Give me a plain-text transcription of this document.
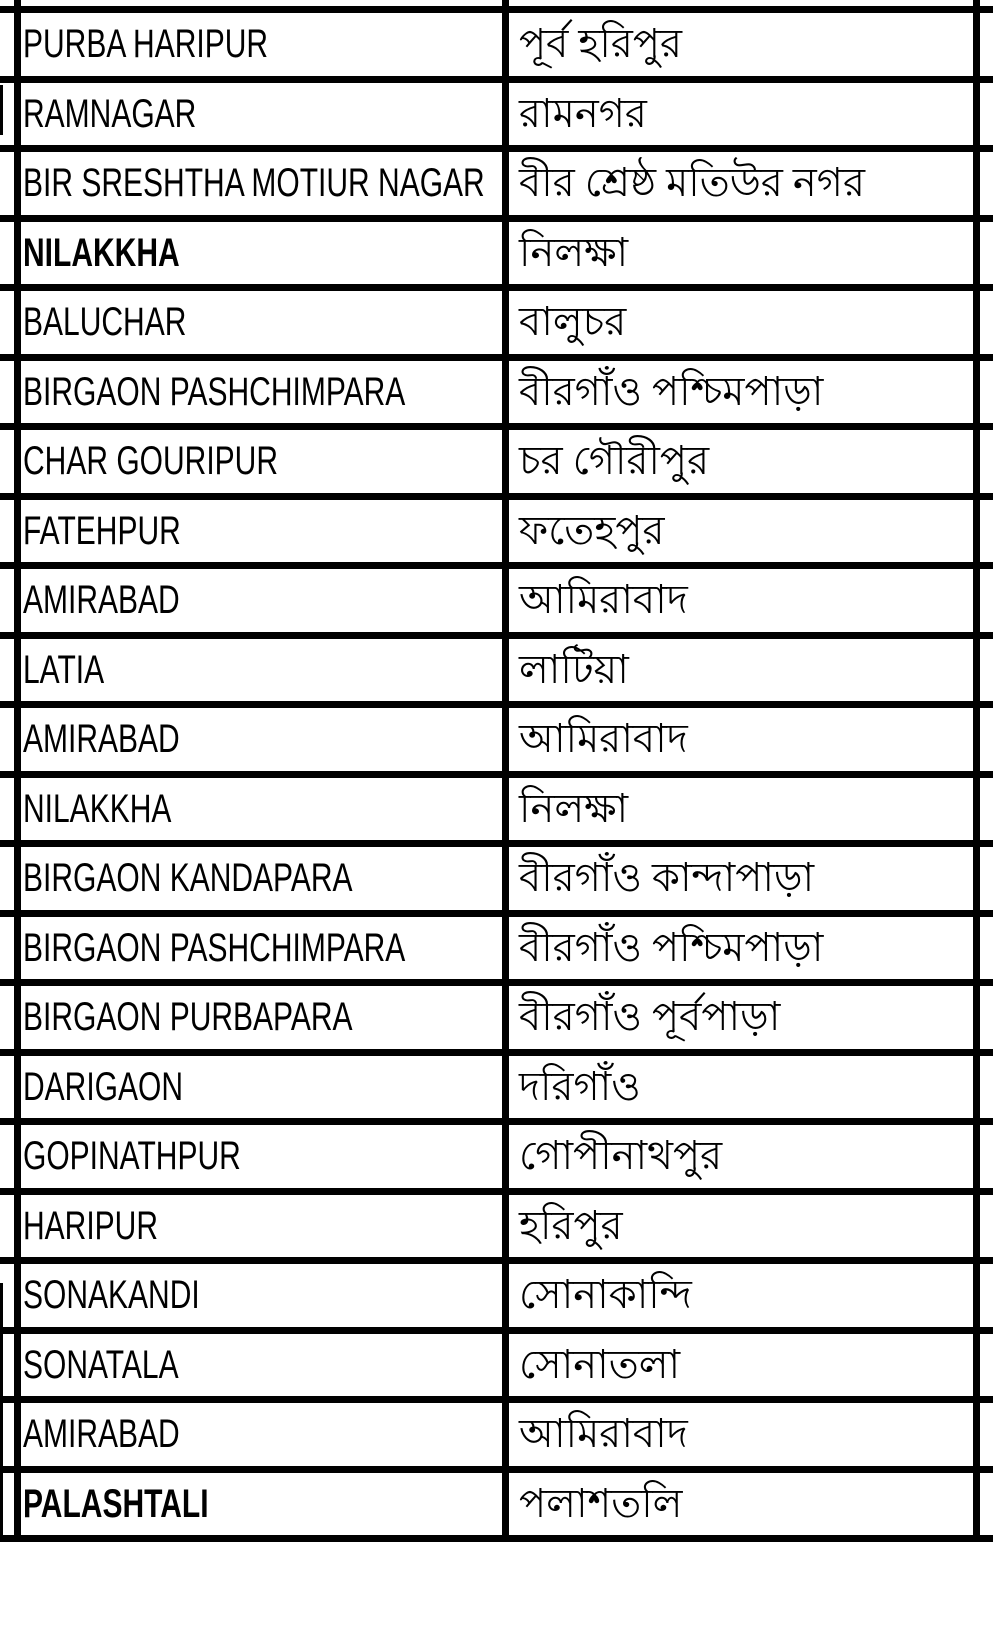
PURBA HARIPUR	পূর্ব হরিপুর
RAMNAGAR	রামনগর
BIR SRESHTHA MOTIUR NAGAR বীর শ্রেষ্ঠ মতিউর নগর
NILAKKHA	নিলক্ষা
BALUCHAR	বালুচর
BIRGAON PASHCHIMPARA	বীরগাঁও পশ্চিমপাড়া
CHAR GOURIPUR	চর গৌরীপুর
FATEHPUR	ফতেহপুর
AMIRABAD	আমিরাবাদ
LATIA	লাটিয়া
AMIRABAD	আমিরাবাদ
NILAKKHA	নিলক্ষা
BIRGAON KANDAPARA	বীরগাঁও কান্দাপাড়া
BIRGAON PASHCHIMPARA	বীরগাঁও পশ্চিমপাড়া
BIRGAON PURBAPARA	বীরগাঁও পূর্বপাড়া
DARIGAON	দরিগাঁও
GOPINATHPUR	গোপীনাথপুর
HARIPUR	হরিপুর
SONAKANDI	সোনাকান্দি
SONATALA	সোনাতলা
AMIRABAD	আমিরাবাদ
PALASHTALI	পলাশতলি
